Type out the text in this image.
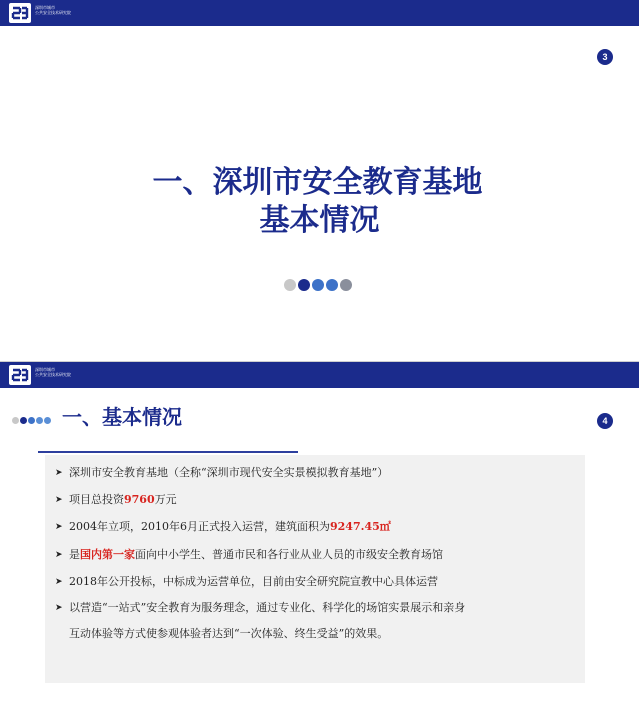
深圳市城市
公共安全技术研究院
3
一、深圳市安全教育基地
基本情况
深圳市城市
公共安全技术研究院
4
一、基本情况
➤ 深圳市安全教育基地（全称“深圳市现代安全实景模拟教育基地”）
➤ 项目总投资9760万元
➤ 2004年立项，2010年6月正式投入运营，建筑面积为9247.45㎡
➤ 是国内第一家面向中小学生、普通市民和各行业从业人员的市级安全教育场馆
➤ 2018年公开投标，中标成为运营单位，目前由安全研究院宣教中心具体运营
➤ 以营造“一站式”安全教育为服务理念，通过专业化、科学化的场馆实景展示和亲身
互动体验等方式使参观体验者达到“一次体验、终生受益”的效果。
